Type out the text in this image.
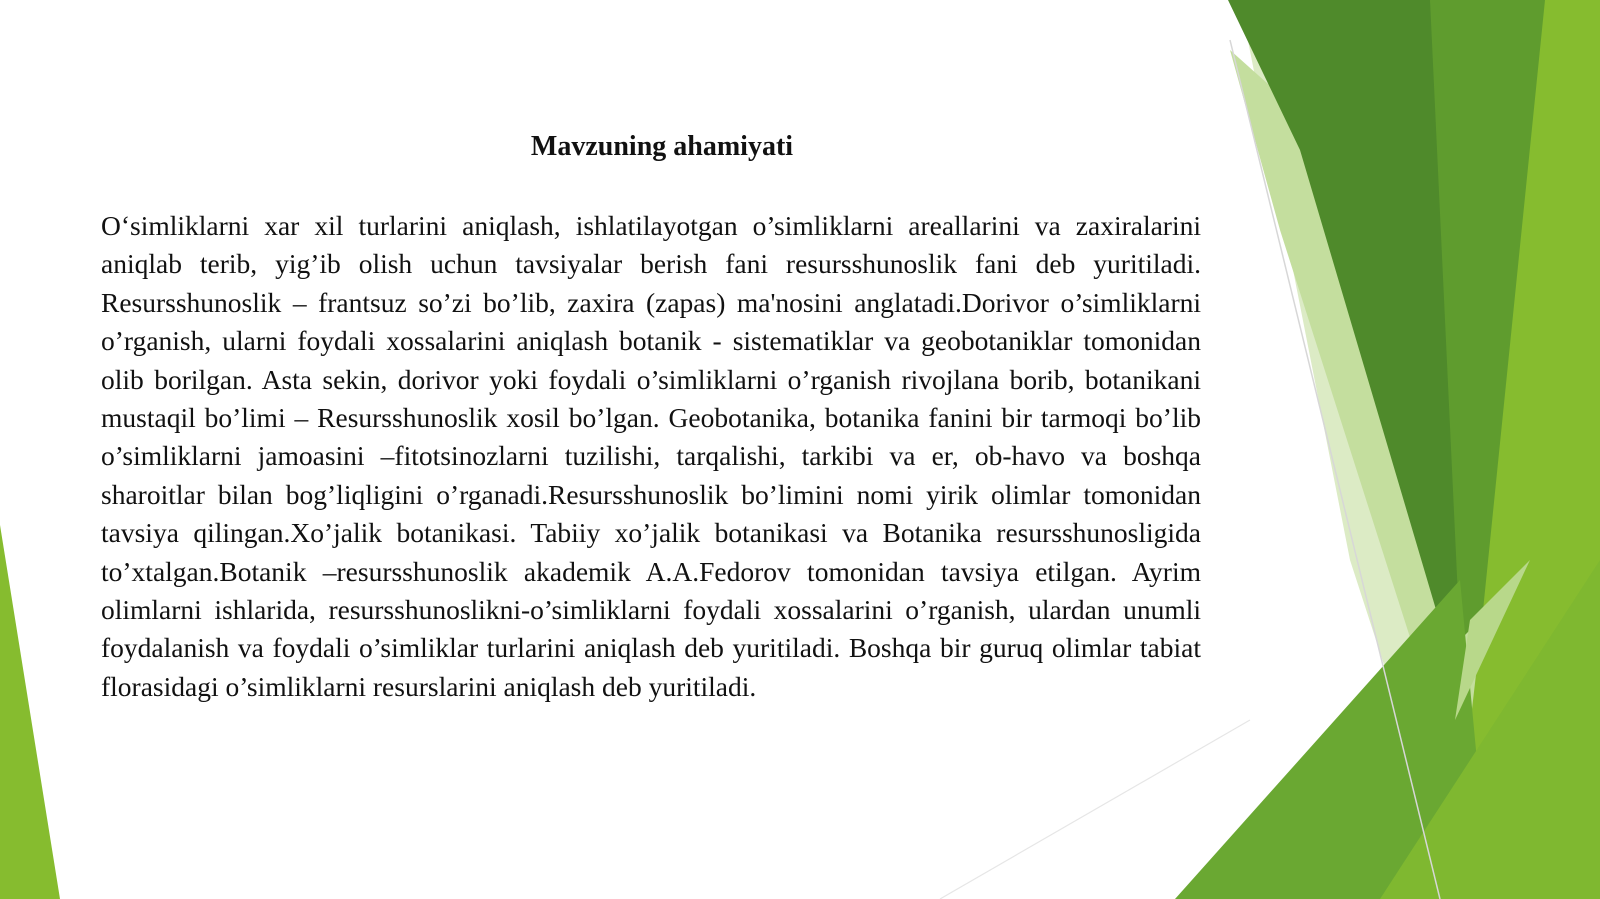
Mavzuning ahamiyati

O‘simliklarni xar xil turlarini aniqlash, ishlatilayotgan o’simliklarni areallarini va zaxiralarini aniqlab terib, yig’ib olish uchun tavsiyalar berish fani resursshunoslik fani deb yuritiladi. Resursshunoslik – frantsuz so’zi bo’lib, zaxira (zapas) ma'nosini anglatadi.Dorivor o’simliklarni o’rganish, ularni foydali xossalarini aniqlash botanik - sistematiklar va geobotaniklar tomonidan olib borilgan. Asta sekin, dorivor yoki foydali o’simliklarni o’rganish rivojlana borib, botanikani mustaqil bo’limi – Resursshunoslik xosil bo’lgan. Geobotanika, botanika fanini bir tarmoqi bo’lib o’simliklarni jamoasini –fitotsinozlarni tuzilishi, tarqalishi, tarkibi va er, ob-havo va boshqa sharoitlar bilan bog’liqligini o’rganadi.Resursshunoslik bo’limini nomi yirik olimlar tomonidan tavsiya qilingan.Xo’jalik botanikasi. Tabiiy xo’jalik botanikasi va Botanika resursshunosligida to’xtalgan.Botanik –resursshunoslik akademik A.A.Fedorov tomonidan tavsiya etilgan. Ayrim olimlarni ishlarida, resursshunoslikni-o’simliklarni foydali xossalarini o’rganish, ulardan unumli foydalanish va foydali o’simliklar turlarini aniqlash deb yuritiladi. Boshqa bir guruq olimlar tabiat florasidagi o’simliklarni resurslarini aniqlash deb yuritiladi.
